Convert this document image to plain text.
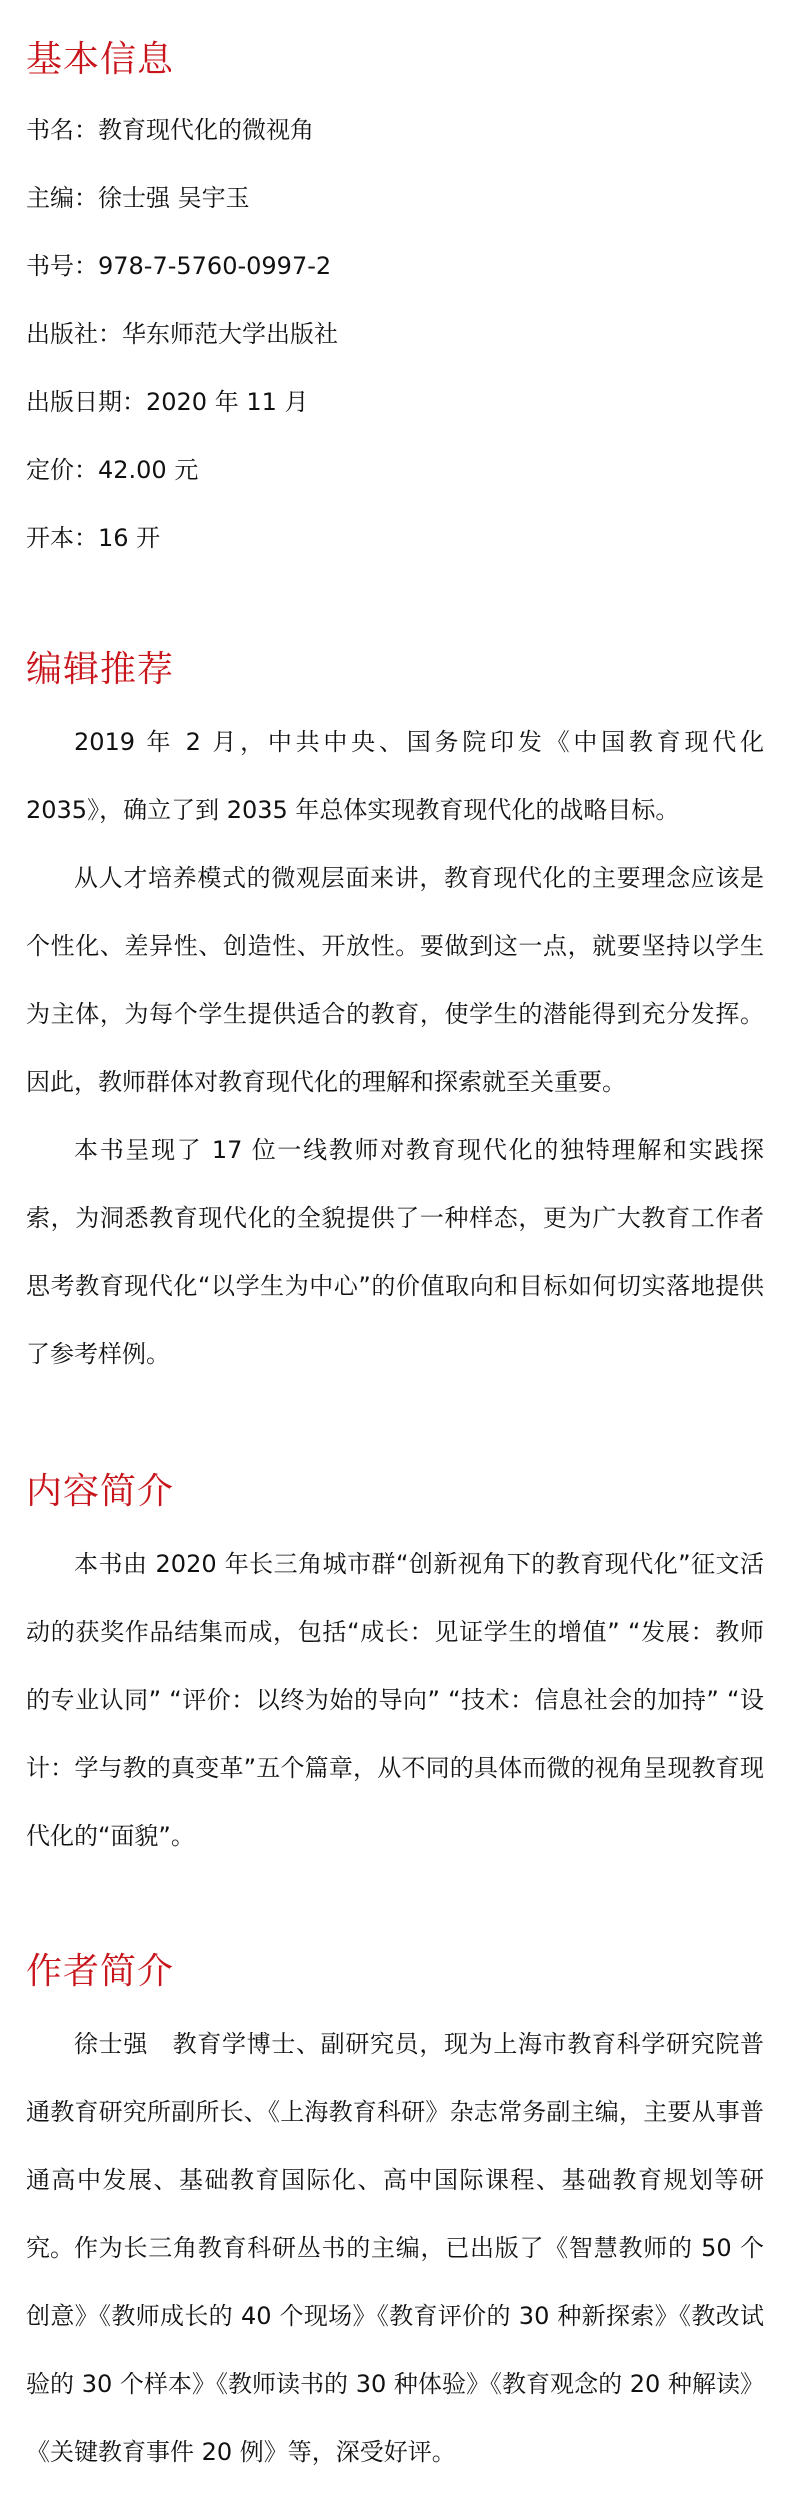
基本信息
书名：教育现代化的微视角
主编：徐士强 吴宇玉
书号：978-7-5760-0997-2
出版社：华东师范大学出版社
出版日期：2020 年 11 月
定价：42.00 元
开本：16 开
编辑推荐

2019 年 2 月，中共中央、国务院印发《中国教育现代化 2035》，确立了到 2035 年总体实现教育现代化的战略目标。

从人才培养模式的微观层面来讲，教育现代化的主要理念应该是个性化、差异性、创造性、开放性。要做到这一点，就要坚持以学生为主体，为每个学生提供适合的教育，使学生的潜能得到充分发挥。因此，教师群体对教育现代化的理解和探索就至关重要。

本书呈现了 17 位一线教师对教育现代化的独特理解和实践探索，为洞悉教育现代化的全貌提供了一种样态，更为广大教育工作者思考教育现代化“以学生为中心”的价值取向和目标如何切实落地提供了参考样例。

内容简介

本书由 2020 年长三角城市群“创新视角下的教育现代化”征文活动的获奖作品结集而成，包括“成长：见证学生的增值” “发展：教师的专业认同” “评价：以终为始的导向” “技术：信息社会的加持” “设计：学与教的真变革”五个篇章，从不同的具体而微的视角呈现教育现代化的“面貌”。

作者简介

徐士强　教育学博士、副研究员，现为上海市教育科学研究院普通教育研究所副所长、《上海教育科研》杂志常务副主编，主要从事普通高中发展、基础教育国际化、高中国际课程、基础教育规划等研究。 作为长三角教育科研丛书的主编，已出版了《智慧教师的 50 个创意》《教师成长的 40 个现场》《教育评价的 30 种新探索》《教改试验的 30 个样本》《教师读书的 30 种体验》《教育观念的 20 种解读》《关键教育事件 20 例》等，深受好评。
